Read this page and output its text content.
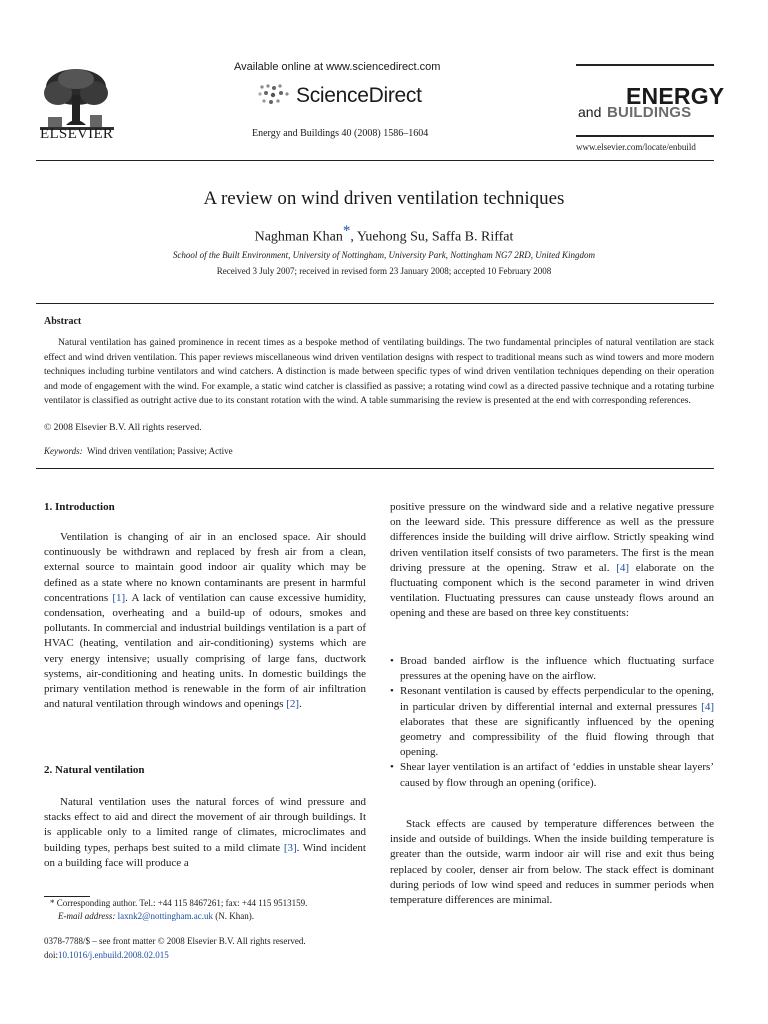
ELSEVIER
Available online at www.sciencedirect.com
ScienceDirect
Energy and Buildings 40 (2008) 1586–1604
ENERGY
and BUILDINGS
www.elsevier.com/locate/enbuild
A review on wind driven ventilation techniques
Naghman Khan*, Yuehong Su, Saffa B. Riffat
School of the Built Environment, University of Nottingham, University Park, Nottingham NG7 2RD, United Kingdom
Received 3 July 2007; received in revised form 23 January 2008; accepted 10 February 2008
Abstract
Natural ventilation has gained prominence in recent times as a bespoke method of ventilating buildings. The two fundamental principles of natural ventilation are stack effect and wind driven ventilation. This paper reviews miscellaneous wind driven ventilation designs with respect to traditional means such as wind towers and more modern techniques including turbine ventilators and wind catchers. A distinction is made between specific types of wind driven ventilation techniques depending on their operation and mode of engagement with the wind. For example, a static wind catcher is classified as passive; a rotating wind cowl as a directed passive technique and a rotating turbine ventilator is classified as outright active due to its constant rotation with the wind. A table summarising the review is presented at the end with corresponding references.
© 2008 Elsevier B.V. All rights reserved.
Keywords: Wind driven ventilation; Passive; Active
1. Introduction
Ventilation is changing of air in an enclosed space. Air should continuously be withdrawn and replaced by fresh air from a clean, external source to maintain good indoor air quality which may be defined as a state where no known contaminants are present in harmful concentrations [1]. A lack of ventilation can cause excessive humidity, condensation, overheating and a build-up of odours, smokes and pollutants. In commercial and industrial buildings ventilation is a part of HVAC (heating, ventilation and air-conditioning) systems which are very energy intensive; usually comprising of large fans, ductwork systems, air-conditioning and heating units. In domestic buildings the primary ventilation method is renewable in the form of air infiltration and natural ventilation through windows and openings [2].
2. Natural ventilation
Natural ventilation uses the natural forces of wind pressure and stacks effect to aid and direct the movement of air through buildings. It is applicable only to a limited range of climates, microclimates and building types, perhaps best suited to a mild climate [3]. Wind incident on a building face will produce a
positive pressure on the windward side and a relative negative pressure on the leeward side. This pressure difference as well as the pressure differences inside the building will drive airflow. Strictly speaking wind driven ventilation itself consists of two parameters. The first is the mean driving pressure at the opening. Straw et al. [4] elaborate on the fluctuating component which is the second parameter in wind driven ventilation. Fluctuating pressures can cause unsteady flows around an opening and these are based on three key constituents:
• Broad banded airflow is the influence which fluctuating surface pressures at the opening have on the airflow.
• Resonant ventilation is caused by effects perpendicular to the opening, in particular driven by differential internal and external pressures [4] elaborates that these are significantly influenced by the opening geometry and compressibility of the fluid flowing through that opening.
• Shear layer ventilation is an artifact of ‘eddies in unstable shear layers’ caused by flow through an opening (orifice).
Stack effects are caused by temperature differences between the inside and outside of buildings. When the inside building temperature is greater than the outside, warm indoor air will rise and exit thus being replaced by cooler, denser air from below. The stack effect is dominant during periods of low wind speed and reduces in summer periods when temperature differences are minimal.
* Corresponding author. Tel.: +44 115 8467261; fax: +44 115 9513159.
E-mail address: laxnk2@nottingham.ac.uk (N. Khan).
0378-7788/$ – see front matter © 2008 Elsevier B.V. All rights reserved.
doi:10.1016/j.enbuild.2008.02.015
